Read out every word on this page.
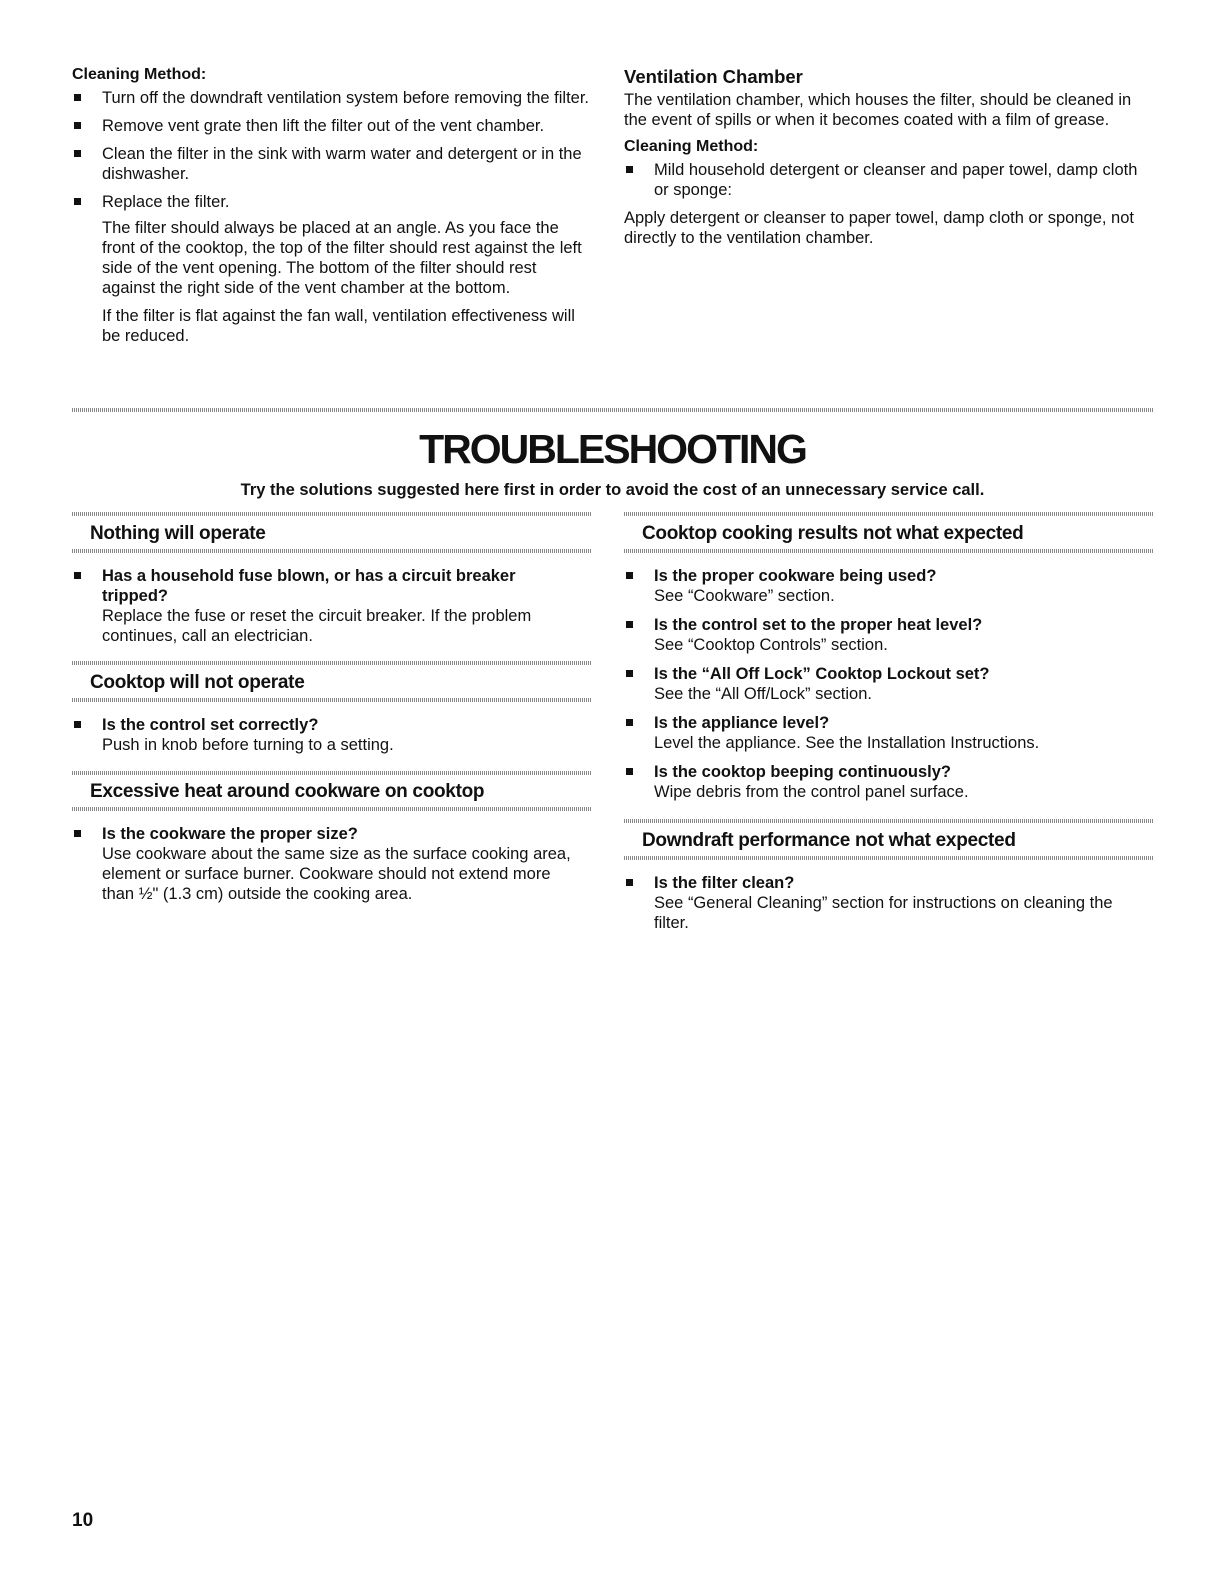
Cleaning Method:
Turn off the downdraft ventilation system before removing the filter.
Remove vent grate then lift the filter out of the vent chamber.
Clean the filter in the sink with warm water and detergent or in the dishwasher.
Replace the filter.
The filter should always be placed at an angle. As you face the front of the cooktop, the top of the filter should rest against the left side of the vent opening. The bottom of the filter should rest against the right side of the vent chamber at the bottom.
If the filter is flat against the fan wall, ventilation effectiveness will be reduced.
Ventilation Chamber

The ventilation chamber, which houses the filter, should be cleaned in the event of spills or when it becomes coated with a film of grease.

Cleaning Method:
Mild household detergent or cleanser and paper towel, damp cloth or sponge:

Apply detergent or cleanser to paper towel, damp cloth or sponge, not directly to the ventilation chamber.

TROUBLESHOOTING
Try the solutions suggested here first in order to avoid the cost of an unnecessary service call.
Nothing will operate
Has a household fuse blown, or has a circuit breaker tripped?
Replace the fuse or reset the circuit breaker. If the problem continues, call an electrician.
Cooktop will not operate
Is the control set correctly?
Push in knob before turning to a setting.
Excessive heat around cookware on cooktop
Is the cookware the proper size?
Use cookware about the same size as the surface cooking area, element or surface burner. Cookware should not extend more than ½" (1.3 cm) outside the cooking area.
Cooktop cooking results not what expected
Is the proper cookware being used?
See “Cookware” section.
Is the control set to the proper heat level?
See “Cooktop Controls” section.
Is the “All Off Lock” Cooktop Lockout set?
See the “All Off/Lock” section.
Is the appliance level?
Level the appliance. See the Installation Instructions.
Is the cooktop beeping continuously?
Wipe debris from the control panel surface.
Downdraft performance not what expected
Is the filter clean?
See “General Cleaning” section for instructions on cleaning the filter.
10
